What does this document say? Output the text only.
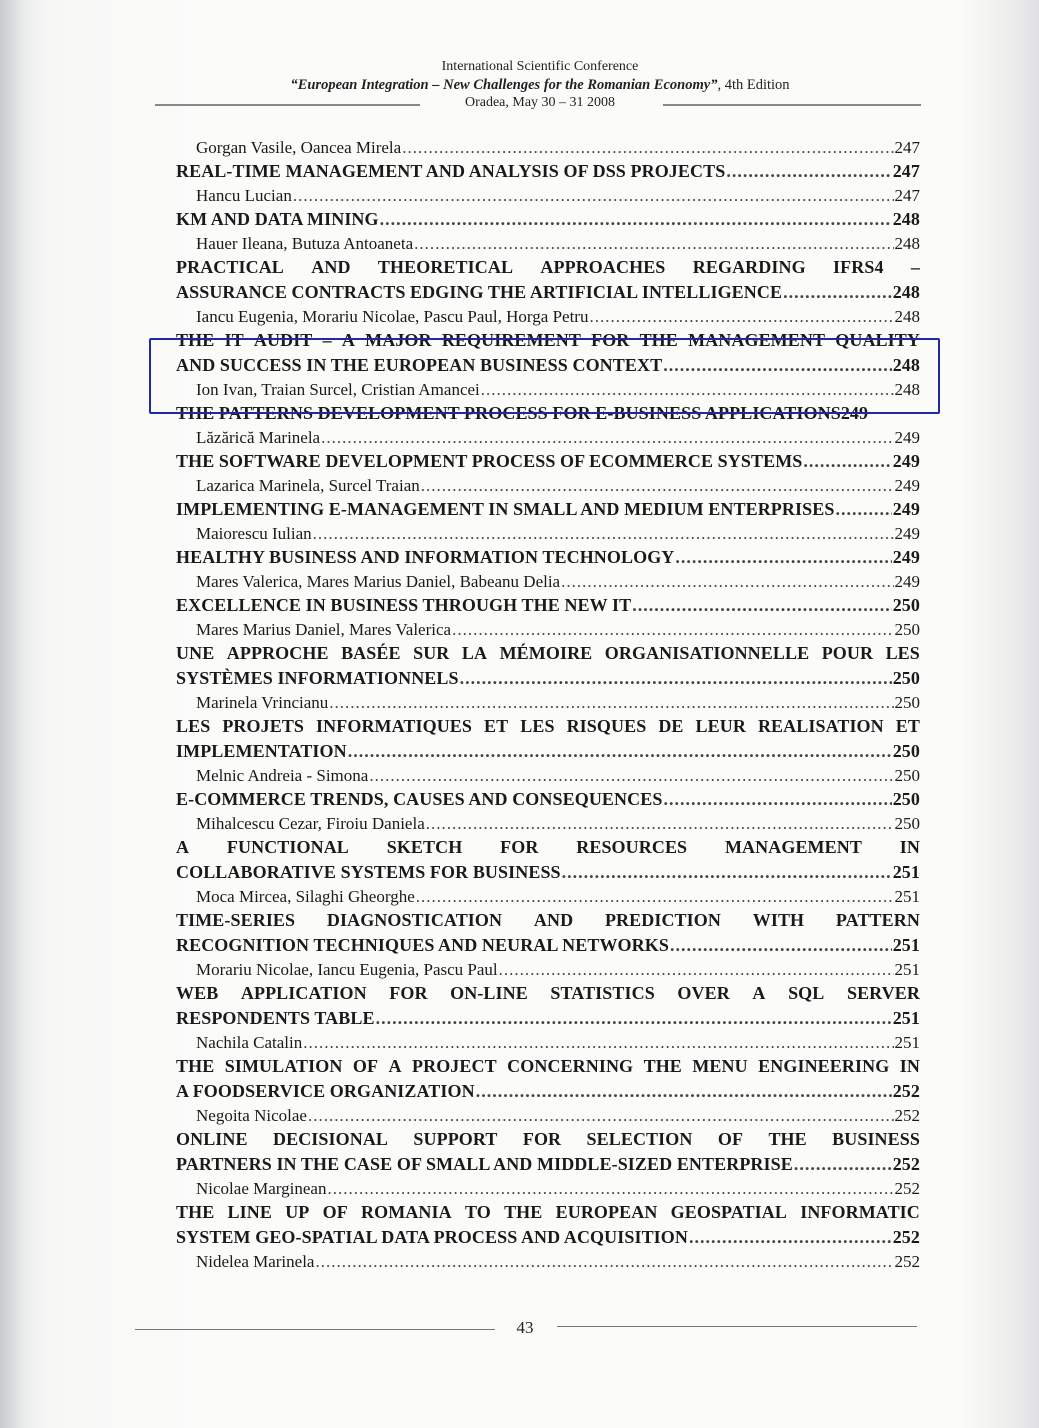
International Scientific Conference
“European Integration – New Challenges for the Romanian Economy”, 4th Edition
Oradea, May 30 – 31 2008
Gorgan Vasile, Oancea Mirela .....	247
REAL-TIME MANAGEMENT AND ANALYSIS OF DSS PROJECTS .....	247
Hancu Lucian .....	247
KM AND DATA MINING .....	248
Hauer Ileana, Butuza Antoaneta .....	248
PRACTICAL AND THEORETICAL APPROACHES REGARDING IFRS4 –
ASSURANCE CONTRACTS EDGING THE ARTIFICIAL INTELLIGENCE .....	248
Iancu Eugenia, Morariu Nicolae, Pascu Paul, Horga Petru .....	248
THE IT AUDIT – A MAJOR REQUIREMENT FOR THE MANAGEMENT QUALITY
AND SUCCESS IN THE EUROPEAN BUSINESS CONTEXT .....	248
Ion Ivan, Traian Surcel, Cristian Amancei .....	248
THE PATTERNS DEVELOPMENT PROCESS FOR E-BUSINESS APPLICATIONS 249
Lăzărică Marinela .....	249
THE SOFTWARE DEVELOPMENT PROCESS OF ECOMMERCE SYSTEMS .....	249
Lazarica Marinela, Surcel Traian .....	249
IMPLEMENTING E-MANAGEMENT IN SMALL AND MEDIUM ENTERPRISES .....	249
Maiorescu Iulian .....	249
HEALTHY BUSINESS AND INFORMATION TECHNOLOGY .....	249
Mares Valerica, Mares Marius Daniel, Babeanu Delia .....	249
EXCELLENCE IN BUSINESS THROUGH THE NEW IT .....	250
Mares Marius Daniel, Mares Valerica .....	250
UNE APPROCHE BASÉE SUR LA MÉMOIRE ORGANISATIONNELLE POUR LES
SYSTÈMES INFORMATIONNELS .....	250
Marinela Vrincianu .....	250
LES PROJETS INFORMATIQUES ET LES RISQUES DE LEUR REALISATION ET
IMPLEMENTATION .....	250
Melnic Andreia - Simona .....	250
E-COMMERCE TRENDS, CAUSES AND CONSEQUENCES .....	250
Mihalcescu Cezar, Firoiu Daniela .....	250
A FUNCTIONAL SKETCH FOR RESOURCES MANAGEMENT IN
COLLABORATIVE SYSTEMS FOR BUSINESS .....	251
Moca Mircea, Silaghi Gheorghe .....	251
TIME-SERIES DIAGNOSTICATION AND PREDICTION WITH PATTERN
RECOGNITION TECHNIQUES AND NEURAL NETWORKS .....	251
Morariu Nicolae, Iancu Eugenia, Pascu Paul .....	251
WEB APPLICATION FOR ON-LINE STATISTICS OVER A SQL SERVER
RESPONDENTS TABLE .....	251
Nachila Catalin .....	251
THE SIMULATION OF A PROJECT CONCERNING THE MENU ENGINEERING IN
A FOODSERVICE ORGANIZATION .....	252
Negoita Nicolae .....	252
ONLINE DECISIONAL SUPPORT FOR SELECTION OF THE BUSINESS
PARTNERS IN THE CASE OF SMALL AND MIDDLE-SIZED ENTERPRISE .....	252
Nicolae Marginean .....	252
THE LINE UP OF ROMANIA TO THE EUROPEAN GEOSPATIAL INFORMATIC
SYSTEM GEO-SPATIAL DATA PROCESS AND ACQUISITION .....	252
Nidelea Marinela .....	252
43
